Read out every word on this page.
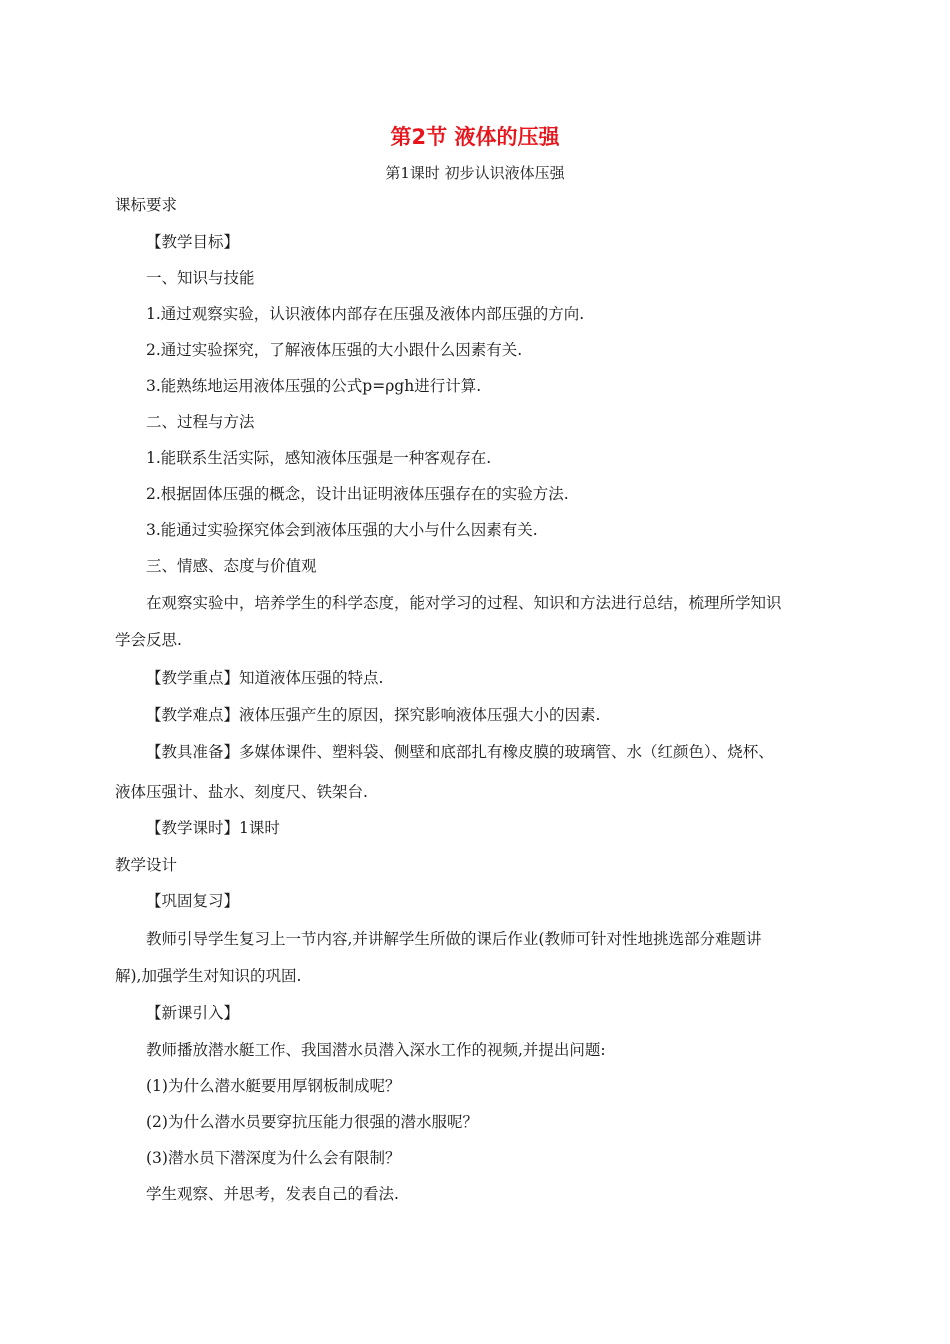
第2节 液体的压强

第1课时 初步认识液体压强

课标要求

【教学目标】

一、知识与技能

1.通过观察实验，认识液体内部存在压强及液体内部压强的方向.

2.通过实验探究，了解液体压强的大小跟什么因素有关.

3.能熟练地运用液体压强的公式p=ρgh进行计算.

二、过程与方法

1.能联系生活实际，感知液体压强是一种客观存在.

2.根据固体压强的概念，设计出证明液体压强存在的实验方法.

3.能通过实验探究体会到液体压强的大小与什么因素有关.

三、情感、态度与价值观

在观察实验中，培养学生的科学态度，能对学习的过程、知识和方法进行总结，梳理所学知识

学会反思.

【教学重点】知道液体压强的特点.

【教学难点】液体压强产生的原因，探究影响液体压强大小的因素.

【教具准备】多媒体课件、塑料袋、侧壁和底部扎有橡皮膜的玻璃管、水（红颜色）、烧杯、

液体压强计、盐水、刻度尺、铁架台.

【教学课时】1课时

教学设计

【巩固复习】

教师引导学生复习上一节内容,并讲解学生所做的课后作业(教师可针对性地挑选部分难题讲

解),加强学生对知识的巩固.

【新课引入】

教师播放潜水艇工作、我国潜水员潜入深水工作的视频,并提出问题:

(1)为什么潜水艇要用厚钢板制成呢？

(2)为什么潜水员要穿抗压能力很强的潜水服呢？

(3)潜水员下潜深度为什么会有限制？

学生观察、并思考，发表自己的看法.
